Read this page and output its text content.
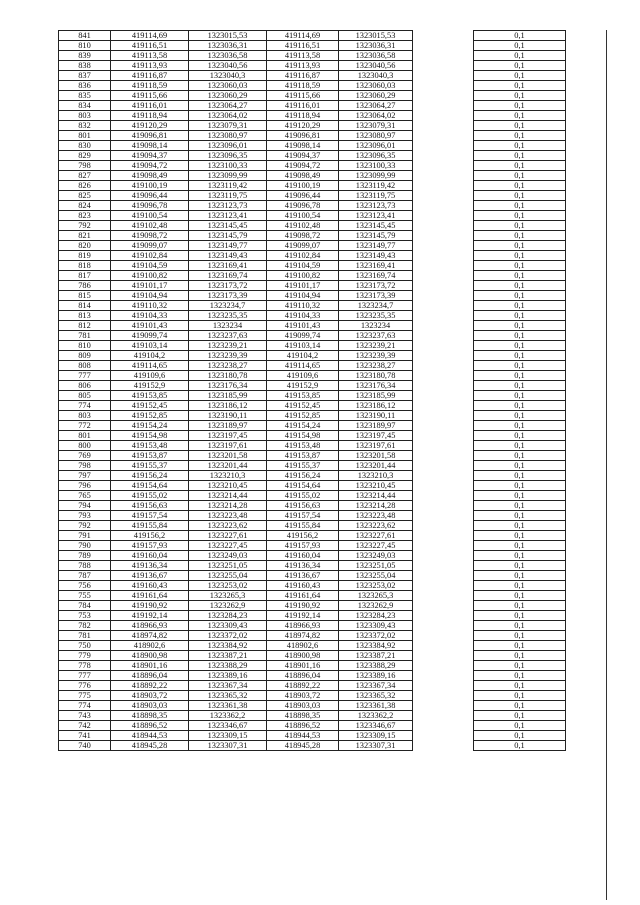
841	419114,69	1323015,53	419114,69	1323015,53		0,1
810	419116,51	1323036,31	419116,51	1323036,31		0,1
839	419113,58	1323036,58	419113,58	1323036,58		0,1
838	419113,93	1323040,56	419113,93	1323040,56		0,1
837	419116,87	1323040,3	419116,87	1323040,3		0,1
836	419118,59	1323060,03	419118,59	1323060,03		0,1
835	419115,66	1323060,29	419115,66	1323060,29		0,1
834	419116,01	1323064,27	419116,01	1323064,27		0,1
803	419118,94	1323064,02	419118,94	1323064,02		0,1
832	419120,29	1323079,31	419120,29	1323079,31		0,1
801	419096,81	1323080,97	419096,81	1323080,97		0,1
830	419098,14	1323096,01	419098,14	1323096,01		0,1
829	419094,37	1323096,35	419094,37	1323096,35		0,1
798	419094,72	1323100,33	419094,72	1323100,33		0,1
827	419098,49	1323099,99	419098,49	1323099,99		0,1
826	419100,19	1323119,42	419100,19	1323119,42		0,1
825	419096,44	1323119,75	419096,44	1323119,75		0,1
824	419096,78	1323123,73	419096,78	1323123,73		0,1
823	419100,54	1323123,41	419100,54	1323123,41		0,1
792	419102,48	1323145,45	419102,48	1323145,45		0,1
821	419098,72	1323145,79	419098,72	1323145,79		0,1
820	419099,07	1323149,77	419099,07	1323149,77		0,1
819	419102,84	1323149,43	419102,84	1323149,43		0,1
818	419104,59	1323169,41	419104,59	1323169,41		0,1
817	419100,82	1323169,74	419100,82	1323169,74		0,1
786	419101,17	1323173,72	419101,17	1323173,72		0,1
815	419104,94	1323173,39	419104,94	1323173,39		0,1
814	419110,32	1323234,7	419110,32	1323234,7		0,1
813	419104,33	1323235,35	419104,33	1323235,35		0,1
812	419101,43	1323234	419101,43	1323234		0,1
781	419099,74	1323237,63	419099,74	1323237,63		0,1
810	419103,14	1323239,21	419103,14	1323239,21		0,1
809	419104,2	1323239,39	419104,2	1323239,39		0,1
808	419114,65	1323238,27	419114,65	1323238,27		0,1
777	419109,6	1323180,78	419109,6	1323180,78		0,1
806	419152,9	1323176,34	419152,9	1323176,34		0,1
805	419153,85	1323185,99	419153,85	1323185,99		0,1
774	419152,45	1323186,12	419152,45	1323186,12		0,1
803	419152,85	1323190,11	419152,85	1323190,11		0,1
772	419154,24	1323189,97	419154,24	1323189,97		0,1
801	419154,98	1323197,45	419154,98	1323197,45		0,1
800	419153,48	1323197,61	419153,48	1323197,61		0,1
769	419153,87	1323201,58	419153,87	1323201,58		0,1
798	419155,37	1323201,44	419155,37	1323201,44		0,1
797	419156,24	1323210,3	419156,24	1323210,3		0,1
796	419154,64	1323210,45	419154,64	1323210,45		0,1
765	419155,02	1323214,44	419155,02	1323214,44		0,1
794	419156,63	1323214,28	419156,63	1323214,28		0,1
793	419157,54	1323223,48	419157,54	1323223,48		0,1
792	419155,84	1323223,62	419155,84	1323223,62		0,1
791	419156,2	1323227,61	419156,2	1323227,61		0,1
790	419157,93	1323227,45	419157,93	1323227,45		0,1
789	419160,04	1323249,03	419160,04	1323249,03		0,1
788	419136,34	1323251,05	419136,34	1323251,05		0,1
787	419136,67	1323255,04	419136,67	1323255,04		0,1
756	419160,43	1323253,02	419160,43	1323253,02		0,1
755	419161,64	1323265,3	419161,64	1323265,3		0,1
784	419190,92	1323262,9	419190,92	1323262,9		0,1
753	419192,14	1323284,23	419192,14	1323284,23		0,1
782	418966,93	1323309,43	418966,93	1323309,43		0,1
781	418974,82	1323372,02	418974,82	1323372,02		0,1
750	418902,6	1323384,92	418902,6	1323384,92		0,1
779	418900,98	1323387,21	418900,98	1323387,21		0,1
778	418901,16	1323388,29	418901,16	1323388,29		0,1
777	418896,04	1323389,16	418896,04	1323389,16		0,1
776	418892,22	1323367,34	418892,22	1323367,34		0,1
775	418903,72	1323365,32	418903,72	1323365,32		0,1
774	418903,03	1323361,38	418903,03	1323361,38		0,1
743	418898,35	1323362,2	418898,35	1323362,2		0,1
742	418896,52	1323346,67	418896,52	1323346,67		0,1
741	418944,53	1323309,15	418944,53	1323309,15		0,1
740	418945,28	1323307,31	418945,28	1323307,31		0,1
